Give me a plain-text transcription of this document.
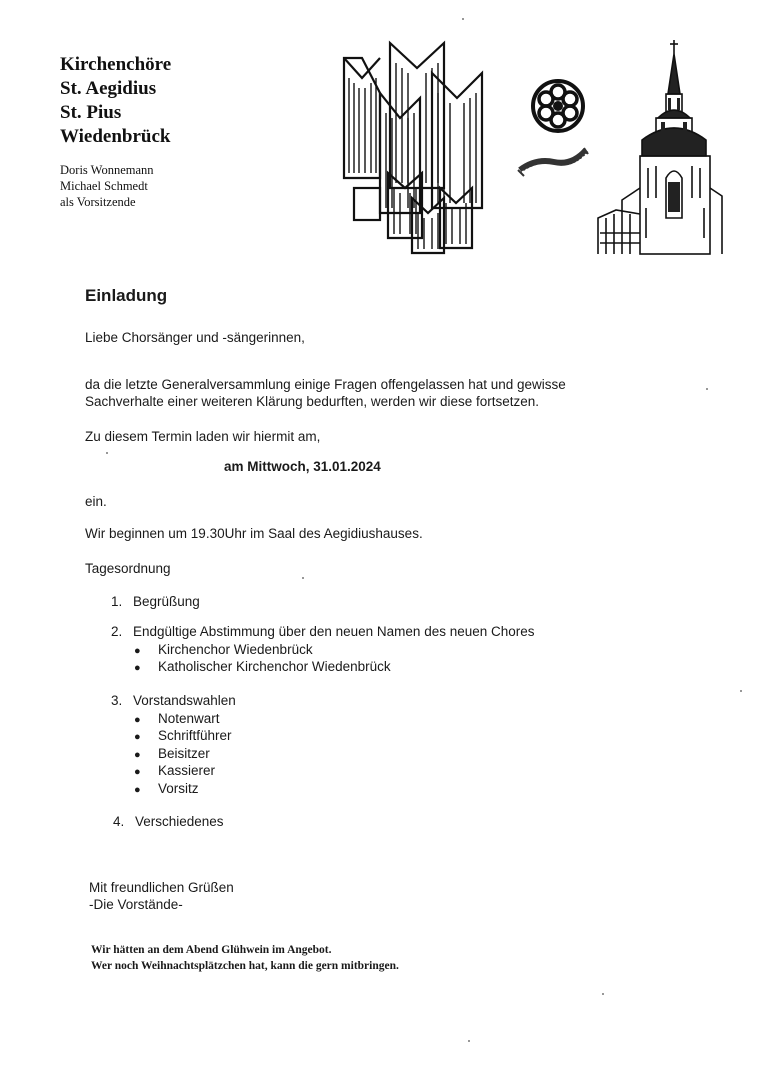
Kirchenchöre
St. Aegidius
St. Pius
Wiedenbrück
Doris Wonnemann
Michael Schmedt
als Vorsitzende
Einladung
Liebe Chorsänger und -sängerinnen,
da die letzte Generalversammlung einige Fragen offengelassen hat und gewisse
Sachverhalte einer weiteren Klärung bedurften, werden wir diese fortsetzen.
Zu diesem Termin laden wir hiermit am,
am Mittwoch, 31.01.2024
ein.
Wir beginnen um 19.30Uhr im Saal des Aegidiushauses.
Tagesordnung
1. Begrüßung
2. Endgültige Abstimmung über den neuen Namen des neuen Chores
● Kirchenchor Wiedenbrück
● Katholischer Kirchenchor Wiedenbrück
3. Vorstandswahlen
● Notenwart
● Schriftführer
● Beisitzer
● Kassierer
● Vorsitz
4. Verschiedenes
Mit freundlichen Grüßen
-Die Vorstände-
Wir hätten an dem Abend Glühwein im Angebot.
Wer noch Weihnachtsplätzchen hat, kann die gern mitbringen.
